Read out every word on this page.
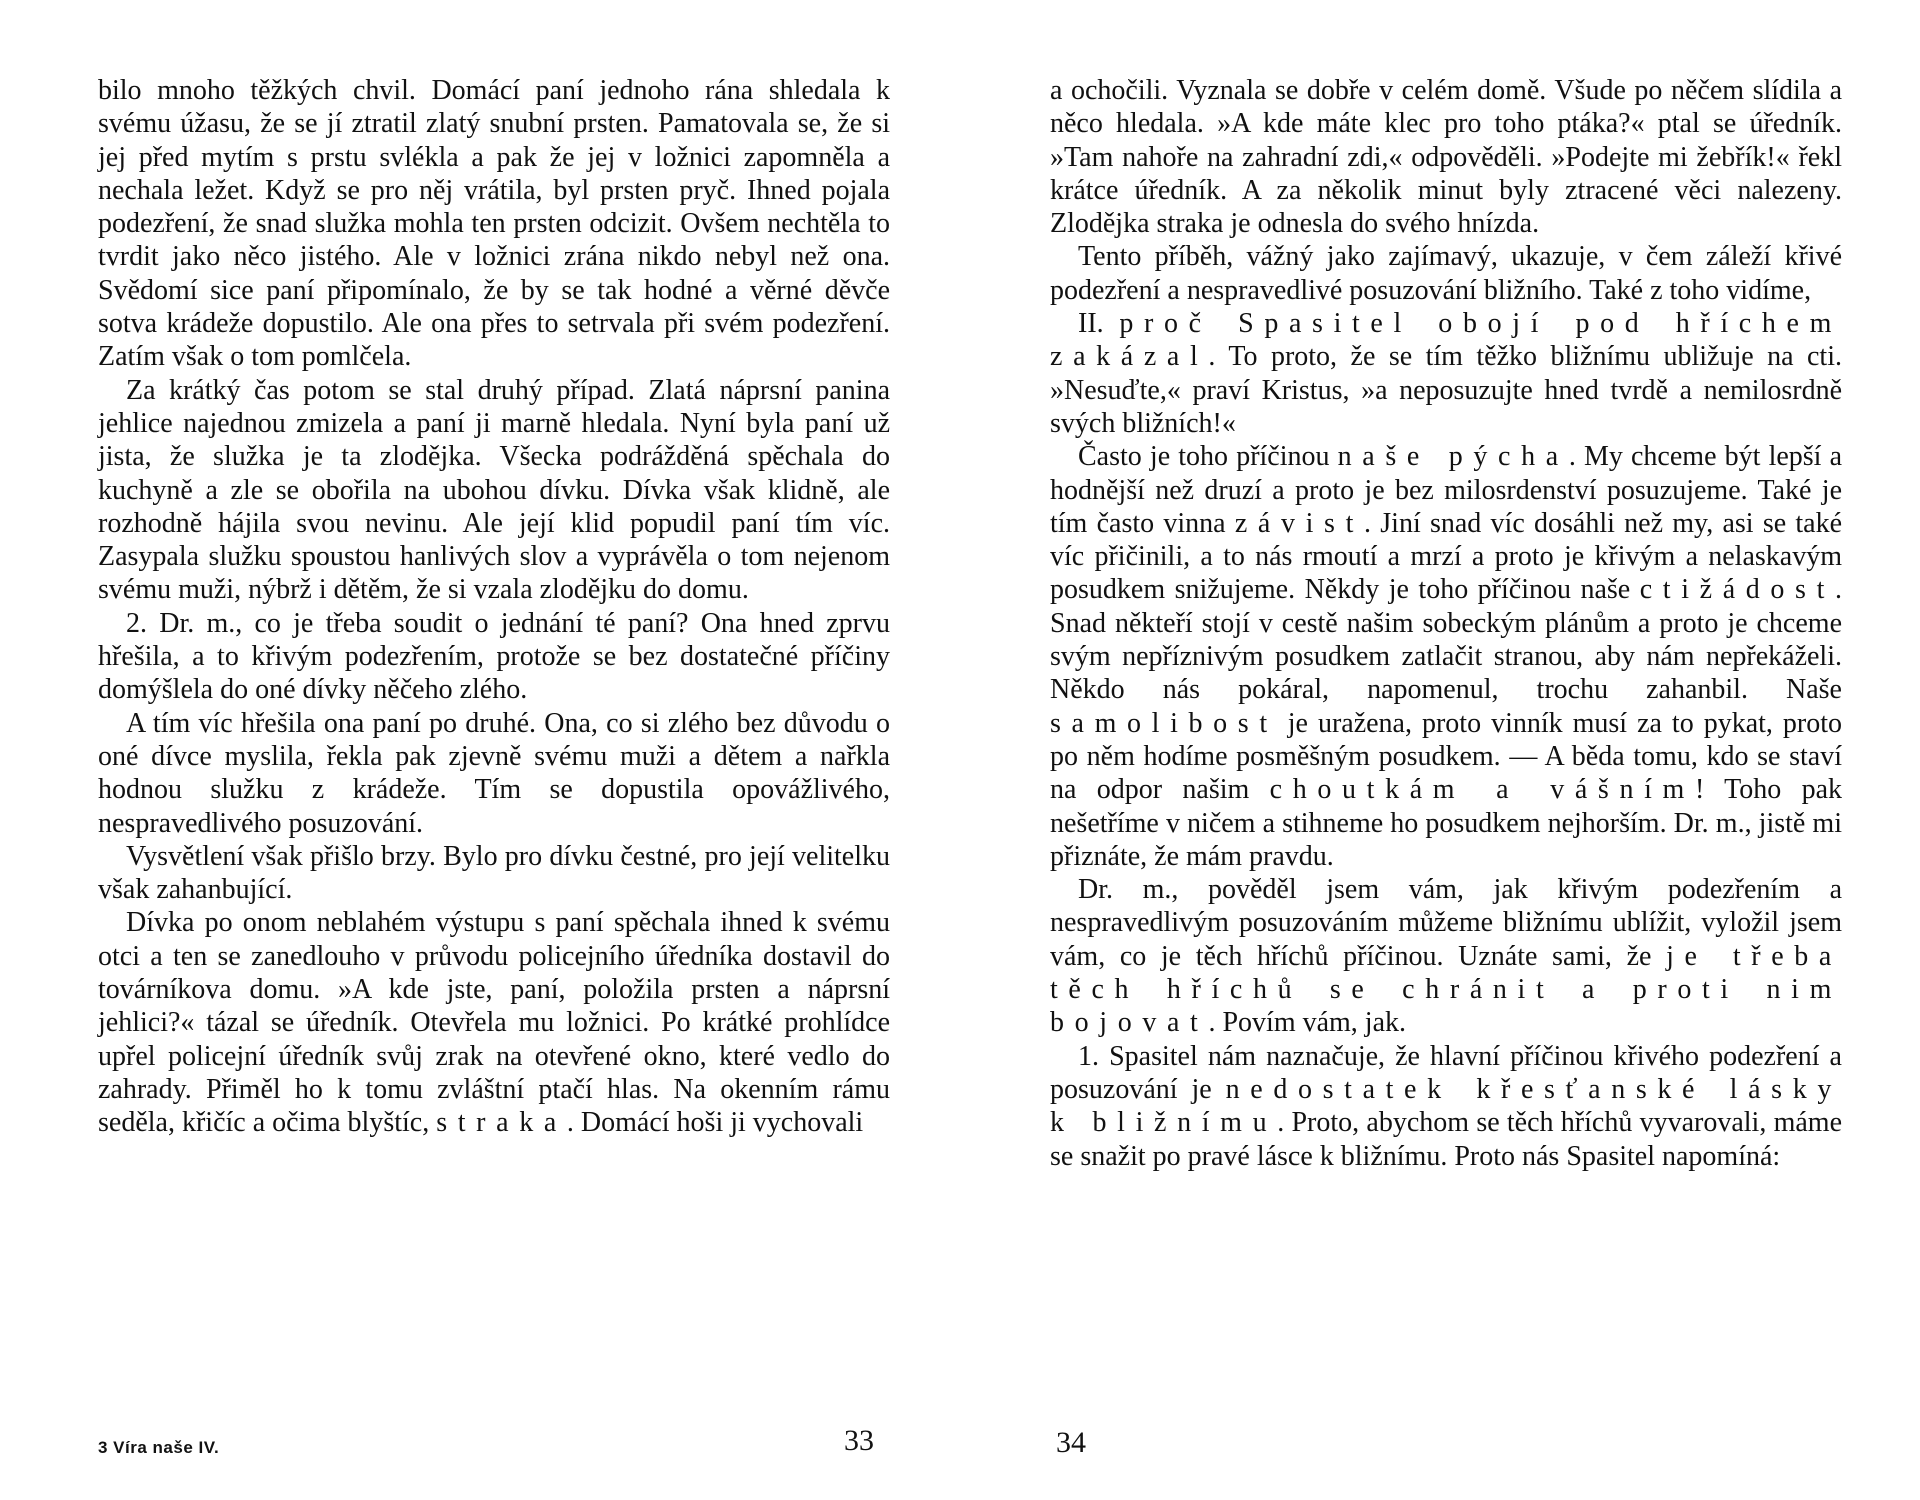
bilo mnoho těžkých chvil. Domácí paní jednoho rána shledala k svému úžasu, že se jí ztratil zlatý snubní prsten. Pamatovala se, že si jej před mytím s prstu svlékla a pak že jej v ložnici zapomněla a nechala ležet. Když se pro něj vrátila, byl prsten pryč. Ihned pojala podezření, že snad služka mohla ten prsten odcizit. Ovšem nechtěla to tvrdit jako něco jistého. Ale v ložnici zrána nikdo nebyl než ona. Svědomí sice paní připomínalo, že by se tak hodné a věrné děvče sotva krádeže dopustilo. Ale ona přes to setrvala při svém podezření. Zatím však o tom pomlčela.

Za krátký čas potom se stal druhý případ. Zlatá náprsní panina jehlice najednou zmizela a paní ji marně hledala. Nyní byla paní už jista, že služka je ta zlodějka. Všecka podrážděná spěchala do kuchyně a zle se obořila na ubohou dívku. Dívka však klidně, ale rozhodně hájila svou nevinu. Ale její klid popudil paní tím víc. Zasypala služku spoustou hanlivých slov a vyprávěla o tom nejenom svému muži, nýbrž i dětěm, že si vzala zlodějku do domu.

2. Dr. m., co je třeba soudit o jednání té paní? Ona hned zprvu hřešila, a to křivým podezřením, protože se bez dostatečné příčiny domýšlela do oné dívky něčeho zlého.

A tím víc hřešila ona paní po druhé. Ona, co si zlého bez důvodu o oné dívce myslila, řekla pak zjevně svému muži a dětem a nařkla hodnou služku z krádeže. Tím se dopustila opovážlivého, nespravedlivého posuzování.

Vysvětlení však přišlo brzy. Bylo pro dívku čestné, pro její velitelku však zahanbující.

Dívka po onom neblahém výstupu s paní spěchala ihned k svému otci a ten se zanedlouho v průvodu policejního úředníka dostavil do továrníkova domu. »A kde jste, paní, položila prsten a náprsní jehlici?« tázal se úředník. Otevřela mu ložnici. Po krátké prohlídce upřel policejní úředník svůj zrak na otevřené okno, které vedlo do zahrady. Přiměl ho k tomu zvláštní ptačí hlas. Na okenním rámu seděla, křičíc a očima blyštíc, straka. Domácí hoši ji vychovali

3 Víra naše IV.	33

a ochočili. Vyznala se dobře v celém domě. Všude po něčem slídila a něco hledala. »A kde máte klec pro toho ptáka?« ptal se úředník. »Tam nahoře na zahradní zdi,« odpověděli. »Podejte mi žebřík!« řekl krátce úředník. A za několik minut byly ztracené věci nalezeny. Zlodějka straka je odnesla do svého hnízda.

Tento příběh, vážný jako zajímavý, ukazuje, v čem záleží křivé podezření a nespravedlivé posuzování bližního. Také z toho vidíme,

II. proč Spasitel obojí pod hříchem zakázal. To proto, že se tím těžko bližnímu ubližuje na cti. »Nesuďte,« praví Kristus, »a neposuzujte hned tvrdě a nemilosrdně svých bližních!«

Často je toho příčinou naše pýcha. My chceme být lepší a hodnější než druzí a proto je bez milosrdenství posuzujeme. Také je tím často vinna závist. Jiní snad víc dosáhli než my, asi se také víc přičinili, a to nás rmoutí a mrzí a proto je křivým a nelaskavým posudkem snižujeme. Někdy je toho příčinou naše ctižádost. Snad někteří stojí v cestě našim sobeckým plánům a proto je chceme svým nepříznivým posudkem zatlačit stranou, aby nám nepřekáželi. Někdo nás pokáral, napomenul, trochu zahanbil. Naše samolibost je uražena, proto vinník musí za to pykat, proto po něm hodíme posměšným posudkem. — A běda tomu, kdo se staví na odpor našim choutkám a vášním! Toho pak nešetříme v ničem a stihneme ho posudkem nejhorším. Dr. m., jistě mi přiznáte, že mám pravdu.

Dr. m., pověděl jsem vám, jak křivým podezřením a nespravedlivým posuzováním můžeme bližnímu ublížit, vyložil jsem vám, co je těch hříchů příčinou. Uznáte sami, že je třeba těch hříchů se chránit a proti nim bojovat. Povím vám, jak.

1. Spasitel nám naznačuje, že hlavní příčinou křivého podezření a posuzování je nedostatek křesťanské lásky k bližnímu. Proto, abychom se těch hříchů vyvarovali, máme se snažit po pravé lásce k bližnímu. Proto nás Spasitel napomíná:

34
